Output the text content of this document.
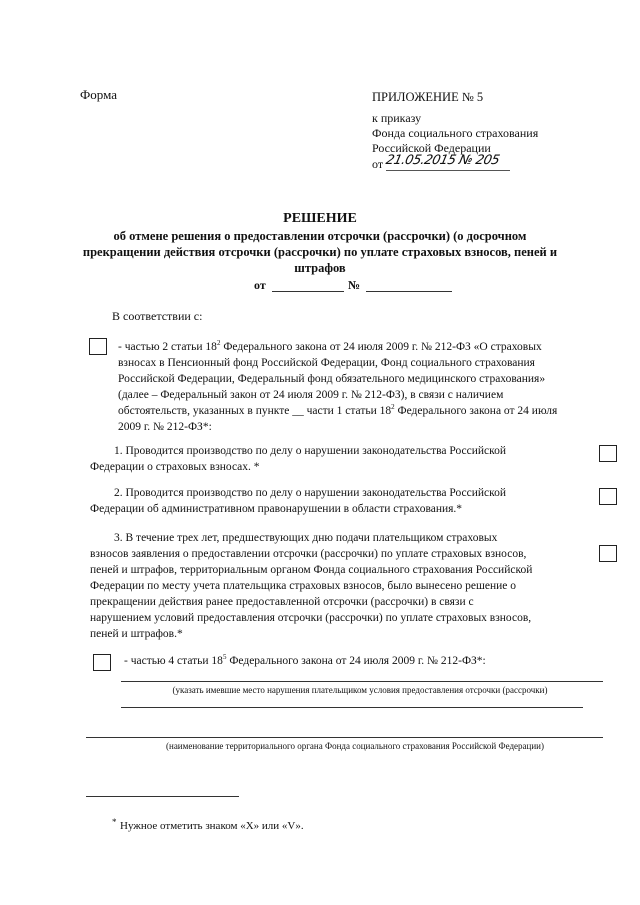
Форма	ПРИЛОЖЕНИЕ № 5
к приказу
Фонда социального страхования
Российской Федерации
от 21.05.2015 № 205
РЕШЕНИЕ
об отмене решения о предоставлении отсрочки (рассрочки) (о досрочном
прекращении действия отсрочки (рассрочки) по уплате страховых взносов, пеней и
штрафов
от	№
В соответствии с:
- частью 2 статьи $18^2$ Федерального закона от 24 июля 2009 г. № 212-ФЗ «О страховых
взносах в Пенсионный фонд Российской Федерации, Фонд социального страхования
Российской Федерации, Федеральный фонд обязательного медицинского страхования»
(далее – Федеральный закон от 24 июля 2009 г. № 212-ФЗ), в связи с наличием
обстоятельств, указанных в пункте __ части 1 статьи $18^2$ Федерального закона от 24 июля
2009 г. № 212-ФЗ*:
1. Проводится производство по делу о нарушении законодательства Российской
Федерации о страховых взносах. *
2. Проводится производство по делу о нарушении законодательства Российской
Федерации об административном правонарушении в области страхования.*
3. В течение трех лет, предшествующих дню подачи плательщиком страховых
взносов заявления о предоставлении отсрочки (рассрочки) по уплате страховых взносов,
пеней и штрафов, территориальным органом Фонда социального страхования Российской
Федерации по месту учета плательщика страховых взносов, было вынесено решение о
прекращении действия ранее предоставленной отсрочки (рассрочки) в связи с
нарушением условий предоставления отсрочки (рассрочки) по уплате страховых взносов,
пеней и штрафов.*
- частью 4 статьи $18^5$ Федерального закона от 24 июля 2009 г. № 212-ФЗ*:
(указать имевшие место нарушения плательщиком условия предоставления отсрочки (рассрочки)
(наименование территориального органа Фонда социального страхования Российской Федерации)
* Нужное отметить знаком «X» или «V».
